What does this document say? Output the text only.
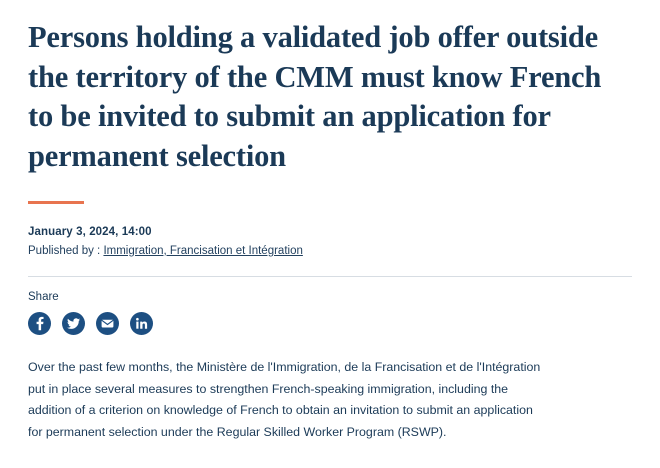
Persons holding a validated job offer outside the territory of the CMM must know French to be invited to submit an application for permanent selection
January 3, 2024, 14:00
Published by : Immigration, Francisation et Intégration
Share

Over the past few months, the Ministère de l'Immigration, de la Francisation et de l'Intégration put in place several measures to strengthen French-speaking immigration, including the addition of a criterion on knowledge of French to obtain an invitation to submit an application for permanent selection under the Regular Skilled Worker Program (RSWP).
